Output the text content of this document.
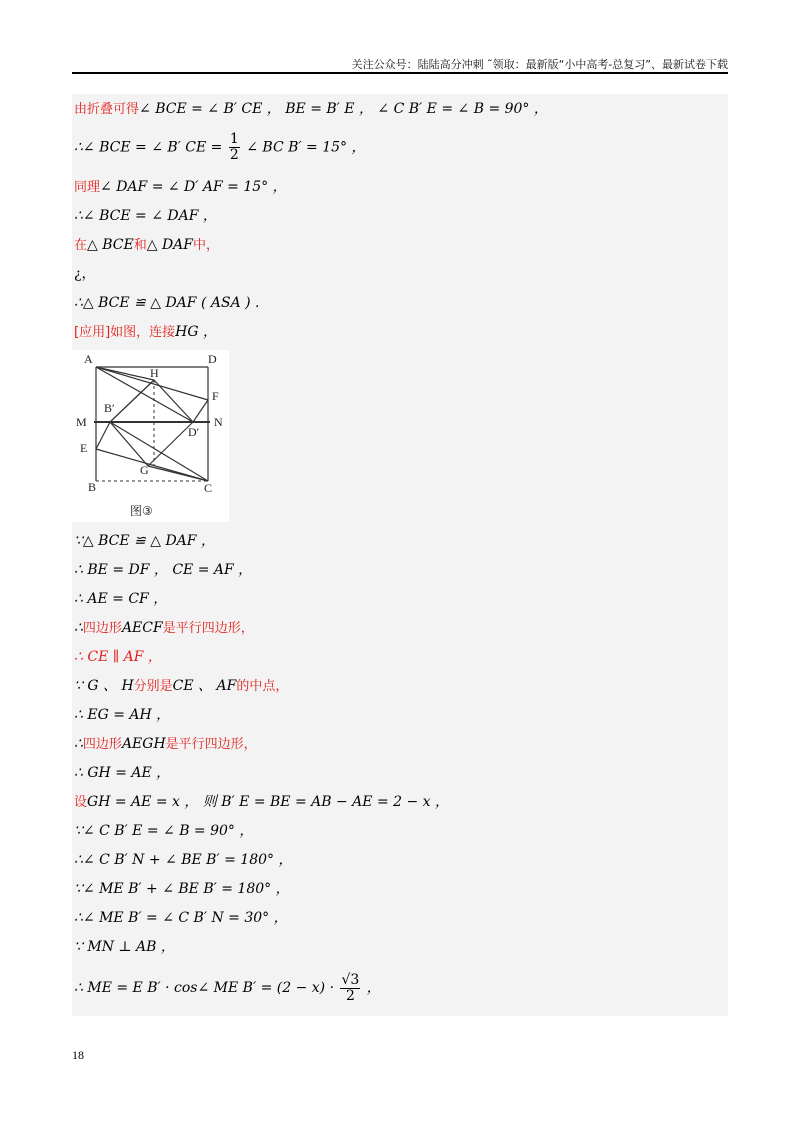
关注公众号：陆陆高分冲刺 ˜领取：最新版“小中高考-总复习”、最新试卷下载
由折叠可得∠ BCE = ∠ B′ CE ， BE = B′ E ， ∠ C B′ E = ∠ B = 90° ，
∴∠ BCE = ∠ B′ CE = $\frac{1}{2}$ ∠ BC B′ = 15° ，
同理∠ DAF = ∠ D′ AF = 15° ，
∴∠ BCE = ∠ DAF ，
在△ BCE和△ DAF中，
¿，
∴△ BCE ≌ △ DAF ( ASA ) .
[应用]如图，连接HG ，
A	D
H
F
B′
M	N
D′
E
G
B	C
图③
∵△ BCE ≌ △ DAF ，
∴ BE = DF ， CE = AF ，
∴ AE = CF ，
∴四边形AECF是平行四边形，
∴ CE ∥ AF ，
∵ G 、 H分别是CE 、 AF的中点，
∴ EG = AH ，
∴四边形AEGH是平行四边形，
∴ GH = AE ，
设GH = AE = x ， 则 B′ E = BE = AB − AE = 2 − x ，
∵∠ C B′ E = ∠ B = 90° ，
∴∠ C B′ N + ∠ BE B′ = 180° ，
∵∠ ME B′ + ∠ BE B′ = 180° ，
∴∠ ME B′ = ∠ C B′ N = 30° ，
∵ MN ⊥ AB ，
∴ ME = E B′ · cos∠ ME $B' = (2 - x) \cdot \frac{√3}{2}$ ，
18
